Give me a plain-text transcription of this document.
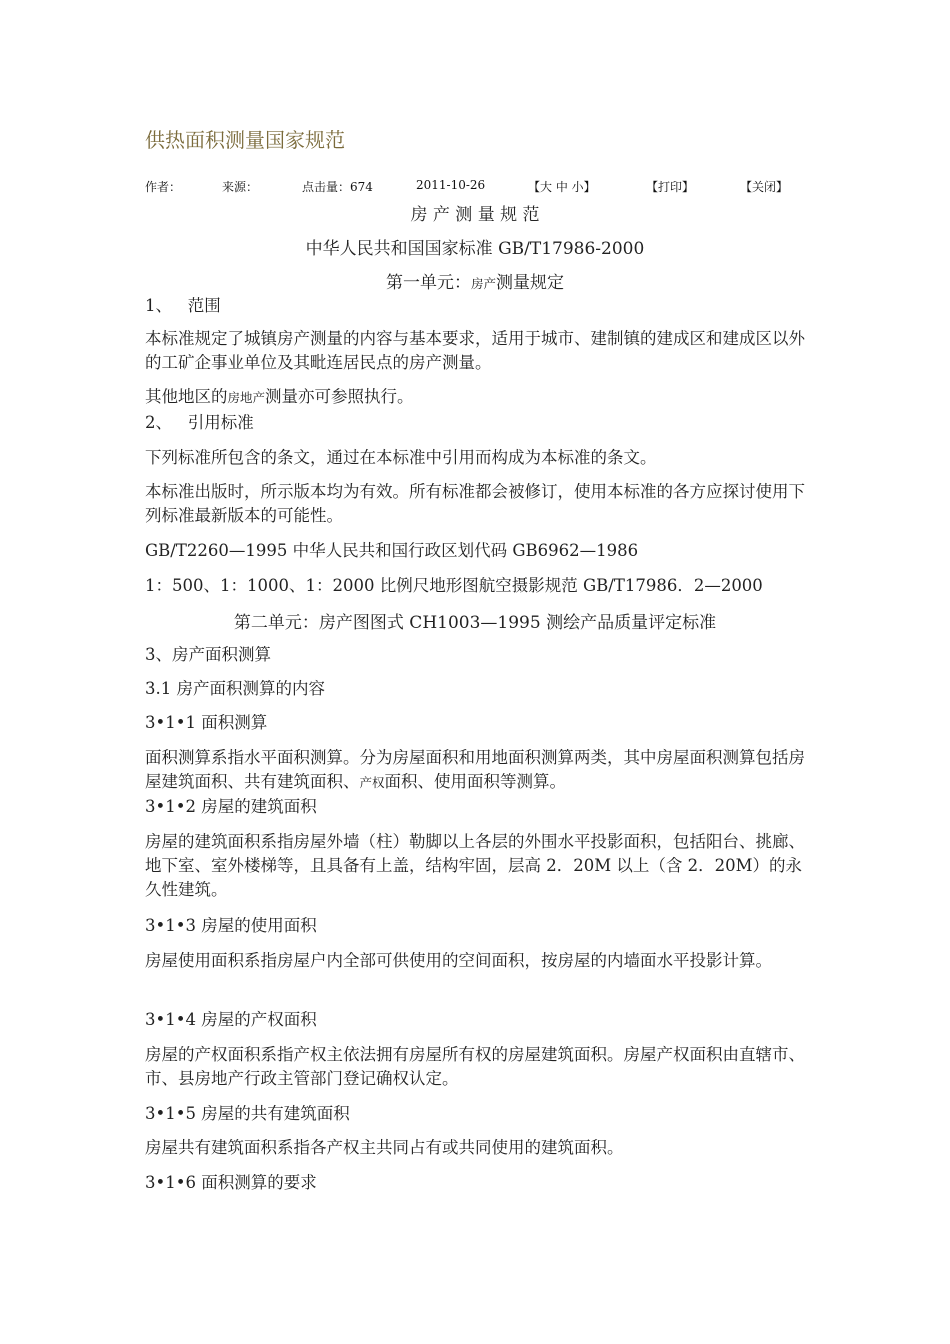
供热面积测量国家规范
作者：	来源：	点击量：674	2011-10-26	【大 中 小】	【打印】	【关闭】
房 产 测 量 规 范
中华人民共和国国家标准 GB/T17986-2000
第一单元：房产测量规定
1、   范围
本标准规定了城镇房产测量的内容与基本要求，适用于城市、建制镇的建成区和建成区以外的工矿企事业单位及其毗连居民点的房产测量。
其他地区的房地产测量亦可参照执行。
2、   引用标准
下列标准所包含的条文，通过在本标准中引用而构成为本标准的条文。
本标准出版时，所示版本均为有效。所有标准都会被修订，使用本标准的各方应探讨使用下列标准最新版本的可能性。
GB/T2260—1995 中华人民共和国行政区划代码 GB6962—1986
1：500、1：1000、1：2000 比例尺地形图航空摄影规范 GB/T17986．2—2000
第二单元：房产图图式 CH1003—1995 测绘产品质量评定标准
3、房产面积测算
3.1 房产面积测算的内容
3•1•1 面积测算
面积测算系指水平面积测算。分为房屋面积和用地面积测算两类，其中房屋面积测算包括房屋建筑面积、共有建筑面积、产权面积、使用面积等测算。
3•1•2 房屋的建筑面积
房屋的建筑面积系指房屋外墙（柱）勒脚以上各层的外围水平投影面积，包括阳台、挑廊、地下室、室外楼梯等，且具备有上盖，结构牢固，层高 2．20M 以上（含 2．20M）的永久性建筑。
3•1•3 房屋的使用面积
房屋使用面积系指房屋户内全部可供使用的空间面积，按房屋的内墙面水平投影计算。
3•1•4 房屋的产权面积
房屋的产权面积系指产权主依法拥有房屋所有权的房屋建筑面积。房屋产权面积由直辖市、市、县房地产行政主管部门登记确权认定。
3•1•5 房屋的共有建筑面积
房屋共有建筑面积系指各产权主共同占有或共同使用的建筑面积。
3•1•6 面积测算的要求
